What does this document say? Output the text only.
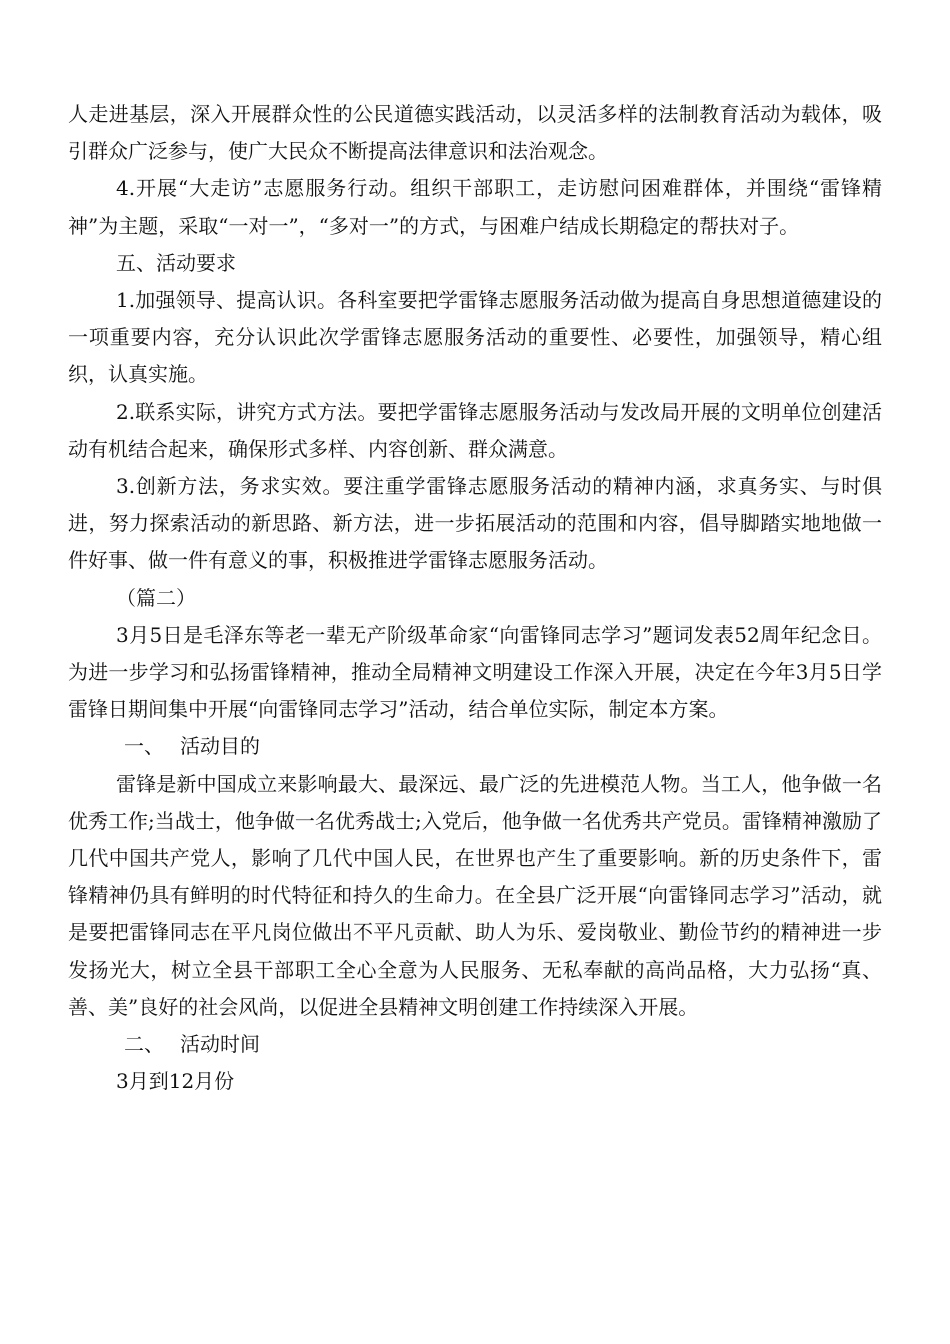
人走进基层，深入开展群众性的公民道德实践活动，以灵活多样的法制教育活动为载体，吸引群众广泛参与，使广大民众不断提高法律意识和法治观念。

4.开展“大走访”志愿服务行动。组织干部职工，走访慰问困难群体，并围绕“雷锋精神”为主题，采取“一对一”，“多对一”的方式，与困难户结成长期稳定的帮扶对子。

五、活动要求

1.加强领导、提高认识。各科室要把学雷锋志愿服务活动做为提高自身思想道德建设的一项重要内容，充分认识此次学雷锋志愿服务活动的重要性、必要性，加强领导，精心组织，认真实施。

2.联系实际，讲究方式方法。要把学雷锋志愿服务活动与发改局开展的文明单位创建活动有机结合起来，确保形式多样、内容创新、群众满意。

3.创新方法，务求实效。要注重学雷锋志愿服务活动的精神内涵，求真务实、与时俱进，努力探索活动的新思路、新方法，进一步拓展活动的范围和内容，倡导脚踏实地地做一件好事、做一件有意义的事，积极推进学雷锋志愿服务活动。

（篇二）

3月5日是毛泽东等老一辈无产阶级革命家“向雷锋同志学习”题词发表52周年纪念日。为进一步学习和弘扬雷锋精神，推动全局精神文明建设工作深入开展，决定在今年3月5日学雷锋日期间集中开展“向雷锋同志学习”活动，结合单位实际，制定本方案。

一、 活动目的

雷锋是新中国成立来影响最大、最深远、最广泛的先进模范人物。当工人，他争做一名优秀工作;当战士，他争做一名优秀战士;入党后，他争做一名优秀共产党员。雷锋精神激励了几代中国共产党人，影响了几代中国人民，在世界也产生了重要影响。新的历史条件下，雷锋精神仍具有鲜明的时代特征和持久的生命力。在全县广泛开展“向雷锋同志学习”活动，就是要把雷锋同志在平凡岗位做出不平凡贡献、助人为乐、爱岗敬业、勤俭节约的精神进一步发扬光大，树立全县干部职工全心全意为人民服务、无私奉献的高尚品格，大力弘扬“真、善、美”良好的社会风尚，以促进全县精神文明创建工作持续深入开展。

二、 活动时间

3月到12月份
